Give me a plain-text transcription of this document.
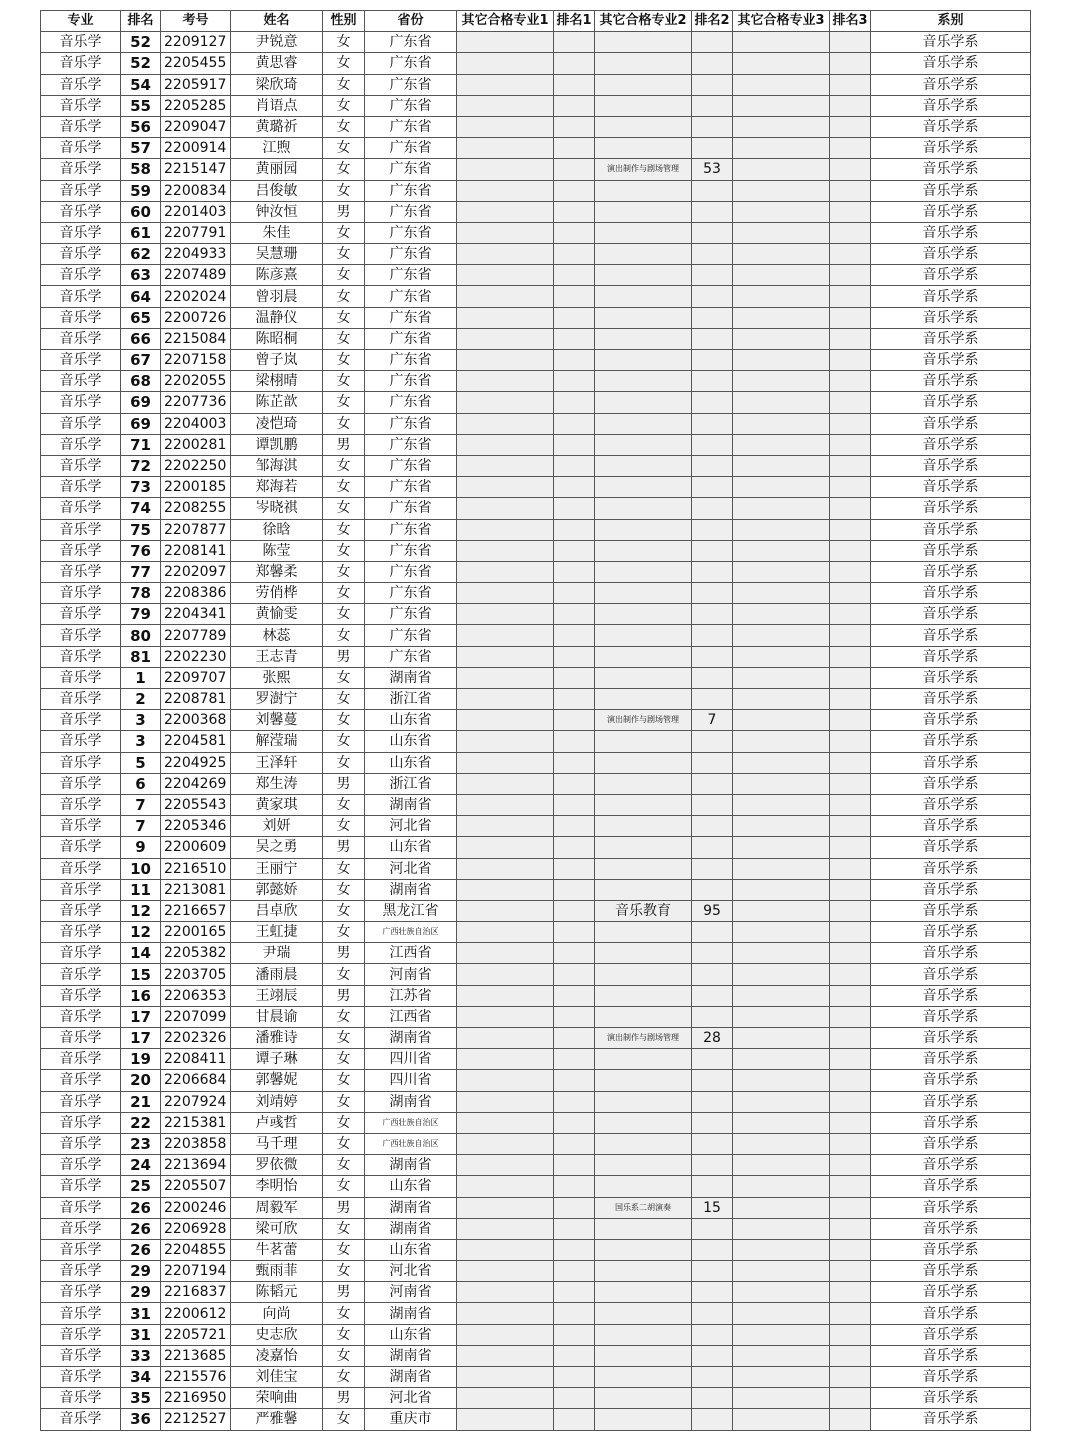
专业	排名	考号	姓名	性别	省份	其它合格专业1	排名1	其它合格专业2	排名2	其它合格专业3	排名3	系别
音乐学	52	2209127	尹锐意	女	广东省							音乐学系
音乐学	52	2205455	黄思睿	女	广东省							音乐学系
音乐学	54	2205917	梁欣琦	女	广东省							音乐学系
音乐学	55	2205285	肖语点	女	广东省							音乐学系
音乐学	56	2209047	黄璐祈	女	广东省							音乐学系
音乐学	57	2200914	江煦	女	广东省							音乐学系
音乐学	58	2215147	黄丽园	女	广东省			演出制作与剧场管理	53			音乐学系
音乐学	59	2200834	吕俊敏	女	广东省							音乐学系
音乐学	60	2201403	钟汝恒	男	广东省							音乐学系
音乐学	61	2207791	朱佳	女	广东省							音乐学系
音乐学	62	2204933	吴慧珊	女	广东省							音乐学系
音乐学	63	2207489	陈彦熹	女	广东省							音乐学系
音乐学	64	2202024	曾羽晨	女	广东省							音乐学系
音乐学	65	2200726	温静仪	女	广东省							音乐学系
音乐学	66	2215084	陈昭桐	女	广东省							音乐学系
音乐学	67	2207158	曾子岚	女	广东省							音乐学系
音乐学	68	2202055	梁栩晴	女	广东省							音乐学系
音乐学	69	2207736	陈芷歆	女	广东省							音乐学系
音乐学	69	2204003	凌恺琦	女	广东省							音乐学系
音乐学	71	2200281	谭凯鹏	男	广东省							音乐学系
音乐学	72	2202250	邹海淇	女	广东省							音乐学系
音乐学	73	2200185	郑海若	女	广东省							音乐学系
音乐学	74	2208255	岑晓祺	女	广东省							音乐学系
音乐学	75	2207877	徐晗	女	广东省							音乐学系
音乐学	76	2208141	陈莹	女	广东省							音乐学系
音乐学	77	2202097	郑馨柔	女	广东省							音乐学系
音乐学	78	2208386	劳俏桦	女	广东省							音乐学系
音乐学	79	2204341	黄愉雯	女	广东省							音乐学系
音乐学	80	2207789	林蕊	女	广东省							音乐学系
音乐学	81	2202230	王志青	男	广东省							音乐学系
音乐学	1	2209707	张熙	女	湖南省							音乐学系
音乐学	2	2208781	罗澍宁	女	浙江省							音乐学系
音乐学	3	2200368	刘馨蔓	女	山东省			演出制作与剧场管理	7			音乐学系
音乐学	3	2204581	解滢瑞	女	山东省							音乐学系
音乐学	5	2204925	王泽轩	女	山东省							音乐学系
音乐学	6	2204269	郑生涛	男	浙江省							音乐学系
音乐学	7	2205543	黄家琪	女	湖南省							音乐学系
音乐学	7	2205346	刘妍	女	河北省							音乐学系
音乐学	9	2200609	吴之勇	男	山东省							音乐学系
音乐学	10	2216510	王丽宁	女	河北省							音乐学系
音乐学	11	2213081	郭懿娇	女	湖南省							音乐学系
音乐学	12	2216657	吕卓欣	女	黑龙江省			音乐教育	95			音乐学系
音乐学	12	2200165	王虹捷	女	广西壮族自治区							音乐学系
音乐学	14	2205382	尹瑞	男	江西省							音乐学系
音乐学	15	2203705	潘雨晨	女	河南省							音乐学系
音乐学	16	2206353	王翊辰	男	江苏省							音乐学系
音乐学	17	2207099	甘晨谕	女	江西省							音乐学系
音乐学	17	2202326	潘雅诗	女	湖南省			演出制作与剧场管理	28			音乐学系
音乐学	19	2208411	谭子琳	女	四川省							音乐学系
音乐学	20	2206684	郭馨妮	女	四川省							音乐学系
音乐学	21	2207924	刘靖婷	女	湖南省							音乐学系
音乐学	22	2215381	卢彧哲	女	广西壮族自治区							音乐学系
音乐学	23	2203858	马千理	女	广西壮族自治区							音乐学系
音乐学	24	2213694	罗依微	女	湖南省							音乐学系
音乐学	25	2205507	李明怡	女	山东省							音乐学系
音乐学	26	2200246	周毅军	男	湖南省			国乐系二胡演奏	15			音乐学系
音乐学	26	2206928	梁可欣	女	湖南省							音乐学系
音乐学	26	2204855	牛茗蕾	女	山东省							音乐学系
音乐学	29	2207194	甄雨菲	女	河北省							音乐学系
音乐学	29	2216837	陈韬元	男	河南省							音乐学系
音乐学	31	2200612	向尚	女	湖南省							音乐学系
音乐学	31	2205721	史志欣	女	山东省							音乐学系
音乐学	33	2213685	凌嘉怡	女	湖南省							音乐学系
音乐学	34	2215576	刘佳宝	女	湖南省							音乐学系
音乐学	35	2216950	荣响曲	男	河北省							音乐学系
音乐学	36	2212527	严雅馨	女	重庆市							音乐学系
